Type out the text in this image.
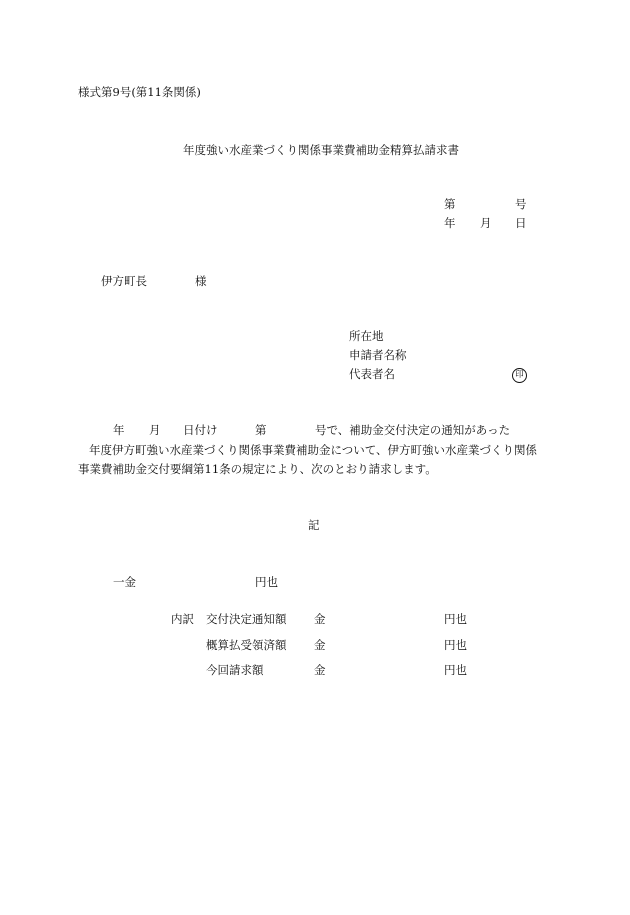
様式第9号(第11条関係)
年度強い水産業づくり関係事業費補助金精算払請求書
第	号
年 月 日
伊方町長	様
所在地
申請者名称
代表者名	印
年 月 日付け	第	号で、補助金交付決定の通知があった
年度伊方町強い水産業づくり関係事業費補助金について、伊方町強い水産業づくり関係
事業費補助金交付要綱第11条の規定により、次のとおり請求します。
記
一金	円也
内訳 交付決定通知額 金	円也
概算払受領済額 金	円也
今回請求額	金	円也
